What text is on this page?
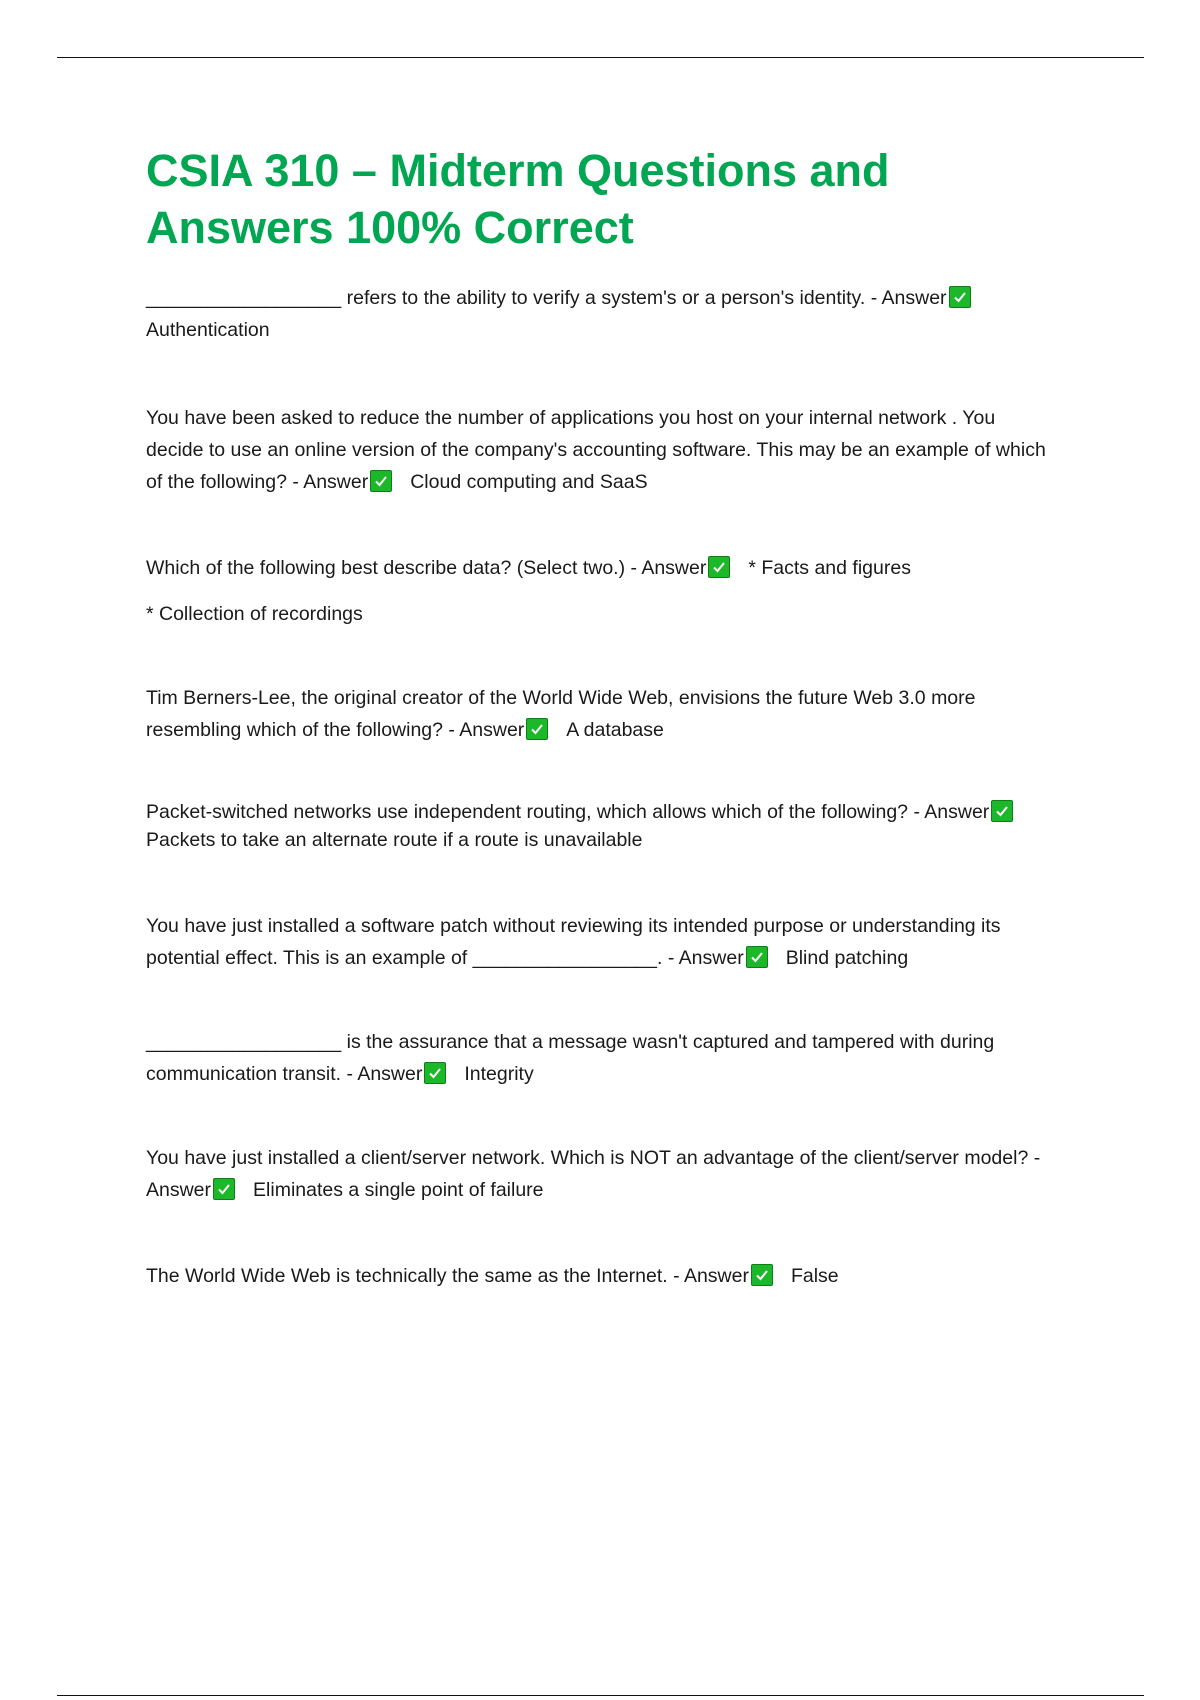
CSIA 310 – Midterm Questions and
Answers 100% Correct

__________________ refers to the ability to verify a system's or a person's identity. - Answer

Authentication

You have been asked to reduce the number of applications you host on your internal network . You
decide to use an online version of the company's accounting software. This may be an example of which
of the following? - Answer Cloud computing and SaaS

Which of the following best describe data? (Select two.) - Answer * Facts and figures

* Collection of recordings

Tim Berners-Lee, the original creator of the World Wide Web, envisions the future Web 3.0 more
resembling which of the following? - Answer A database

Packet-switched networks use independent routing, which allows which of the following? - Answer

Packets to take an alternate route if a route is unavailable

You have just installed a software patch without reviewing its intended purpose or understanding its
potential effect. This is an example of _________________. - Answer Blind patching

__________________ is the assurance that a message wasn't captured and tampered with during
communication transit. - Answer Integrity

You have just installed a client/server network. Which is NOT an advantage of the client/server model? -
Answer Eliminates a single point of failure

The World Wide Web is technically the same as the Internet. - Answer False
